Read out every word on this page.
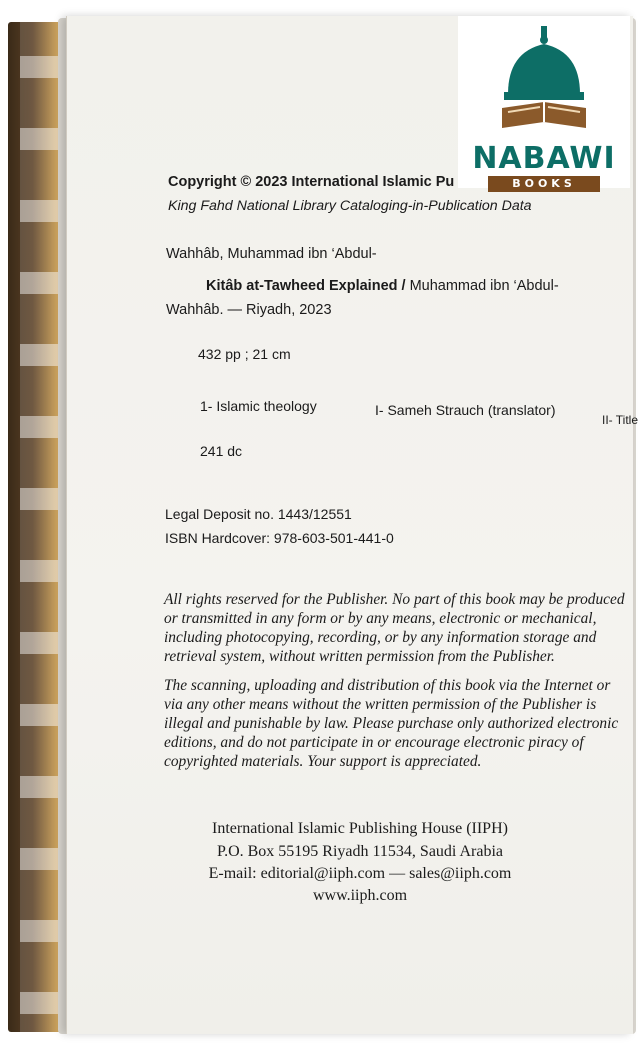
NABAWI
BOOKS
Copyright © 2023 International Islamic Pu
King Fahd National Library Cataloging-in-Publication Data
Wahhâb, Muhammad ibn ‘Abdul-
Kitâb at-Tawheed Explained / Muhammad ibn ‘Abdul-
Wahhâb. — Riyadh, 2023
432 pp ; 21 cm
1- Islamic theology	I- Sameh Strauch (translator)
II- Title
241 dc
Legal Deposit no. 1443/12551
ISBN Hardcover: 978-603-501-441-0
All rights reserved for the Publisher. No part of this book may be produced
or transmitted in any form or by any means, electronic or mechanical,
including photocopying, recording, or by any information storage and
retrieval system, without written permission from the Publisher.
The scanning, uploading and distribution of this book via the Internet or
via any other means without the written permission of the Publisher is
illegal and punishable by law. Please purchase only authorized electronic
editions, and do not participate in or encourage electronic piracy of
copyrighted materials. Your support is appreciated.
International Islamic Publishing House (IIPH)
P.O. Box 55195 Riyadh 11534, Saudi Arabia
E-mail: editorial@iiph.com — sales@iiph.com
www.iiph.com
